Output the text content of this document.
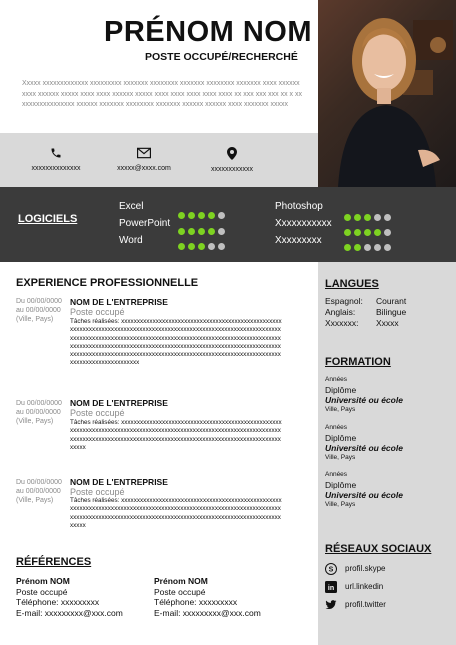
PRÉNOM NOM
POSTE OCCUPÉ/RECHERCHÉ
Xxxxx xxxxxxxxxxxxx xxxxxxxxx xxxxxxx xxxxxxxx xxxxxxx xxxxxxxx xxxxxxx xxxx xxxxxx xxxx xxxxxx xxxxx xxxx xxxx xxxxxx xxxxx xxxx xxxx xxxx xxxx xxxx xx xxx xxx xxx xx x xxxxxxxxxxxxxxxxx xxxxxx xxxxxxx xxxxxxxx xxxxxxx xxxxxx xxxxxx xxxx xxxxxxx xxxxx
xxxxxxxxxxxxxx	xxxxx@xxxx.com	xxxxxxxxxxxx
LOGICIELS
Excel
PowerPoint
Word
Photoshop
Xxxxxxxxxxx
Xxxxxxxxx
EXPERIENCE PROFESSIONNELLE
Du 00/00/0000
au 00/00/0000
(Ville, Pays)
NOM DE L'ENTREPRISE
Poste occupé
Tâches réalisées: xxxxxxxxxxxxxxxxxxxxxxxxxxxxxxxxxxxxxxxxxxxxxxxxxxxxxxxxxxxxxxxxxxxxxxxxxxxxxxxxxxxxxxxxxxxxxxxxxxxxxxxxxxxxxxxxxxxxxxxxxxxxxxxxxxxxxxxxxxxxxxxxxxxxxxxxxxxxxxxxxxxxxxxxxxxxxxxxxxxxxxxxxxxxxxxxxxxxxxxxxxxxxxxxxxxxxxxxxxxxxxxxxxxxxxxxxxxxxxxxxxxxxxxxxxxxxxxxxxxxxxxxxxxxxxxxxxxxxxxxxxxxxxxxxxxxxxxxxxxxxxxxxxxxxxxxxxxxxxxxxxxxxxxxxxxxxxxxxxxxx
Du 00/00/0000
au 00/00/0000
(Ville, Pays)
NOM DE L'ENTREPRISE
Poste occupé
Tâches réalisées: xxxxxxxxxxxxxxxxxxxxxxxxxxxxxxxxxxxxxxxxxxxxxxxxxxxxxxxxxxxxxxxxxxxxxxxxxxxxxxxxxxxxxxxxxxxxxxxxxxxxxxxxxxxxxxxxxxxxxxxxxxxxxxxxxxxxxxxxxxxxxxxxxxxxxxxxxxxxxxxxxxxxxxxxxxxxxxxxxxxxxxxxxxxxxx
Du 00/00/0000
au 00/00/0000
(Ville, Pays)
NOM DE L'ENTREPRISE
Poste occupé
Tâches réalisées: xxxxxxxxxxxxxxxxxxxxxxxxxxxxxxxxxxxxxxxxxxxxxxxxxxxxxxxxxxxxxxxxxxxxxxxxxxxxxxxxxxxxxxxxxxxxxxxxxxxxxxxxxxxxxxxxxxxxxxxxxxxxxxxxxxxxxxxxxxxxxxxxxxxxxxxxxxxxxxxxxxxxxxxxxxxxxxxxxxxxxxxxxxxxxx
RÉFÉRENCES
Prénom NOM
Poste occupé
Téléphone: xxxxxxxxx
E-mail: xxxxxxxxx@xxx.com
Prénom NOM
Poste occupé
Téléphone: xxxxxxxxx
E-mail: xxxxxxxxx@xxx.com
LANGUES
Espagnol: Courant
Anglais: Bilingue
Xxxxxxx: Xxxxx
FORMATION
Années
Diplôme
Université ou école
Ville, Pays
Années
Diplôme
Université ou école
Ville, Pays
Années
Diplôme
Université ou école
Ville, Pays
RÉSEAUX SOCIAUX
S profil.skype
in url.linkedin
profil.twitter
